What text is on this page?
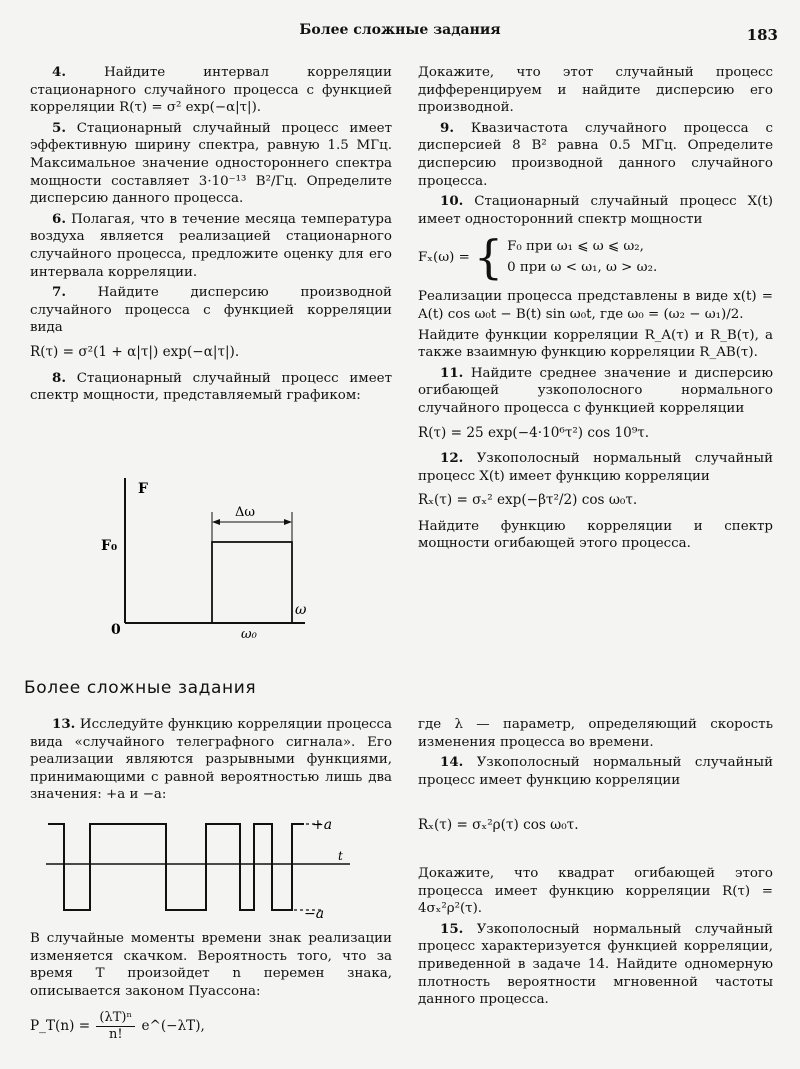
Более сложные задания	183

4.	Найдите интервал корреляции стационарного случайного процесса с функцией корреляции R(τ) = σ² exp(−α|τ|).

5. Стационарный случайный процесс имеет эффективную ширину спектра, равную 1.5 МГц. Максимальное значение одностороннего спектра мощности составляет 3·10⁻¹³ В²/Гц. Определите дисперсию данного процесса.

6. Полагая, что в течение месяца температура воздуха является реализацией стационарного случайного процесса, предложите оценку для его интервала корреляции.

7. Найдите дисперсию производной случайного процесса с функцией корреляции вида

R(τ) = σ²(1 + α|τ|) exp(−α|τ|).

8. Стационарный случайный процесс имеет спектр мощности, представляемый графиком:

F
F₀
0
ω
ω₀
Δω

Докажите, что этот случайный процесс дифференцируем и найдите дисперсию его производной.

9. Квазичастота случайного процесса с дисперсией 8 В² равна 0.5 МГц. Определите дисперсию производной данного случайного процесса.

10. Стационарный случайный процесс X(t) имеет односторонний спектр мощности

Fₓ(ω) = { F₀ при ω₁ ⩽ ω ⩽ ω₂,
0 при ω < ω₁, ω > ω₂.

Реализации процесса представлены в виде x(t) = A(t) cos ω₀t − B(t) sin ω₀t, где ω₀ = (ω₂ − ω₁)/2.

Найдите функции корреляции R_A(τ) и R_B(τ), а также взаимную функцию корреляции R_AB(τ).

11. Найдите среднее значение и дисперсию огибающей узкополосного нормального случайного процесса с функцией корреляции

R(τ) = 25 exp(−4·10⁶τ²) cos 10⁹τ.

12. Узкополосный нормальный случайный процесс X(t) имеет функцию корреляции

Rₓ(τ) = σₓ² exp(−βτ²/2) cos ω₀τ.

Найдите функцию корреляции и спектр мощности огибающей этого процесса.

Более сложные задания

13. Исследуйте функцию корреляции процесса вида «случайного телеграфного сигнала». Его реализации являются разрывными функциями, принимающими с равной вероятностью лишь два значения: +a и −a:

+a
−a
t

В случайные моменты времени знак реализации изменяется скачком. Вероятность того, что за время T произойдет n перемен знака, описывается законом Пуассона:

P_T(n) = $\frac{\text{(λT)ⁿ}}{n!}$ e^(−λT),

где λ — параметр, определяющий скорость изменения процесса во времени.

14. Узкополосный нормальный случайный процесс имеет функцию корреляции

Rₓ(τ) = σₓ²ρ(τ) cos ω₀τ.

Докажите, что квадрат огибающей этого процесса имеет функцию корреляции R(τ) = 4σₓ²ρ²(τ).

15. Узкополосный нормальный случайный процесс характеризуется функцией корреляции, приведенной в задаче 14. Найдите одномерную плотность вероятности мгновенной частоты данного процесса.
